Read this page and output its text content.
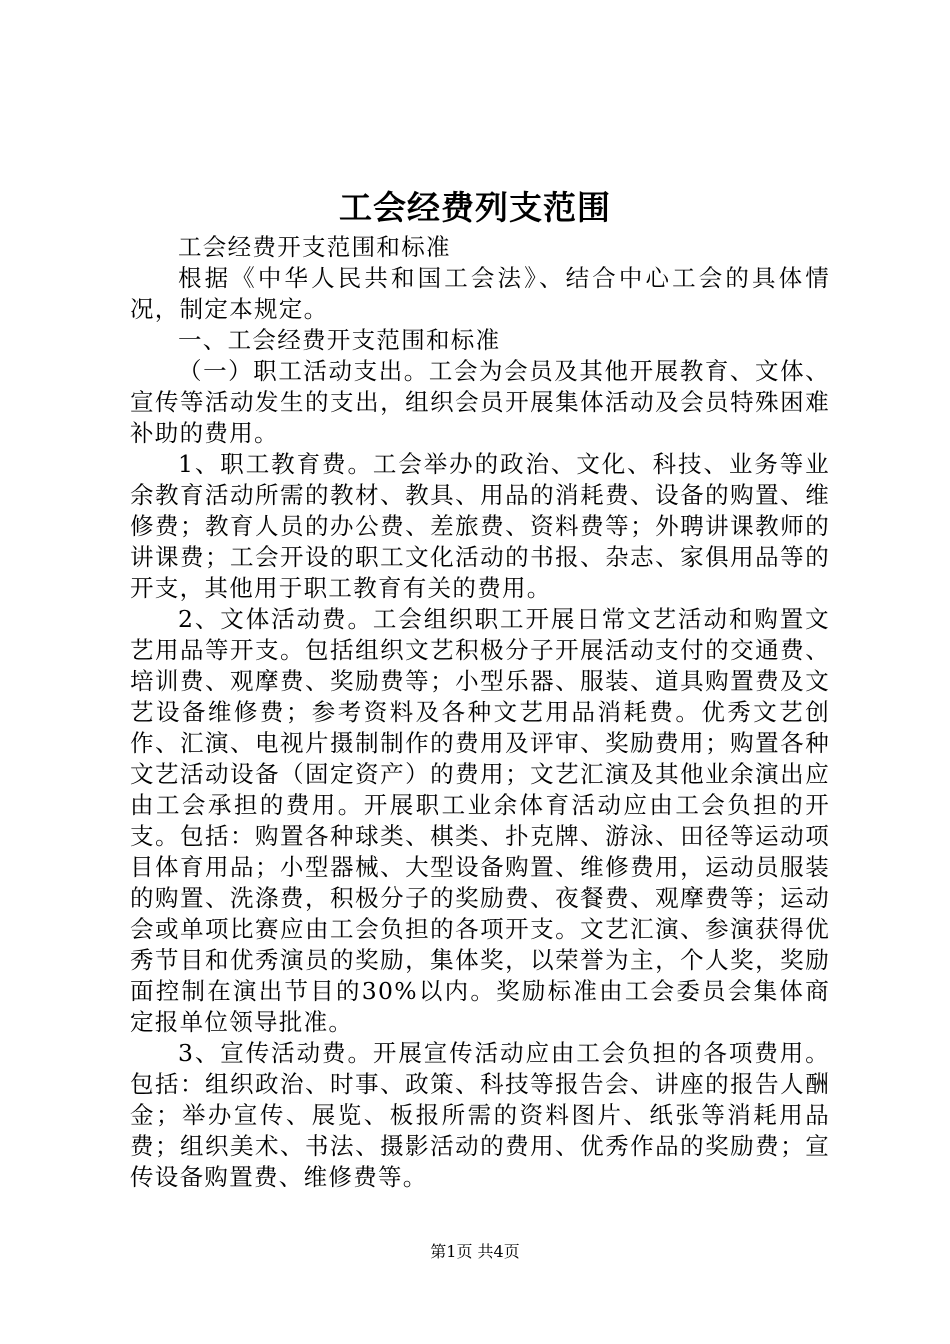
工会经费列支范围

工会经费开支范围和标准

根据《中华人民共和国工会法》、结合中心工会的具体情况，制定本规定。

一、工会经费开支范围和标准

（一）职工活动支出。工会为会员及其他开展教育、文体、宣传等活动发生的支出，组织会员开展集体活动及会员特殊困难补助的费用。

1、职工教育费。工会举办的政治、文化、科技、业务等业余教育活动所需的教材、教具、用品的消耗费、设备的购置、维修费；教育人员的办公费、差旅费、资料费等；外聘讲课教师的讲课费；工会开设的职工文化活动的书报、杂志、家俱用品等的开支，其他用于职工教育有关的费用。

2、文体活动费。工会组织职工开展日常文艺活动和购置文艺用品等开支。包括组织文艺积极分子开展活动支付的交通费、培训费、观摩费、奖励费等；小型乐器、服装、道具购置费及文艺设备维修费；参考资料及各种文艺用品消耗费。优秀文艺创作、汇演、电视片摄制制作的费用及评审、奖励费用；购置各种文艺活动设备（固定资产）的费用；文艺汇演及其他业余演出应由工会承担的费用。开展职工业余体育活动应由工会负担的开支。包括：购置各种球类、棋类、扑克牌、游泳、田径等运动项目体育用品；小型器械、大型设备购置、维修费用，运动员服装的购置、洗涤费，积极分子的奖励费、夜餐费、观摩费等；运动会或单项比赛应由工会负担的各项开支。文艺汇演、参演获得优秀节目和优秀演员的奖励，集体奖，以荣誉为主，个人奖，奖励面控制在演出节目的30%以内。奖励标准由工会委员会集体商定报单位领导批准。

3、宣传活动费。开展宣传活动应由工会负担的各项费用。包括：组织政治、时事、政策、科技等报告会、讲座的报告人酬金；举办宣传、展览、板报所需的资料图片、纸张等消耗用品费；组织美术、书法、摄影活动的费用、优秀作品的奖励费；宣传设备购置费、维修费等。

第1页 共4页
